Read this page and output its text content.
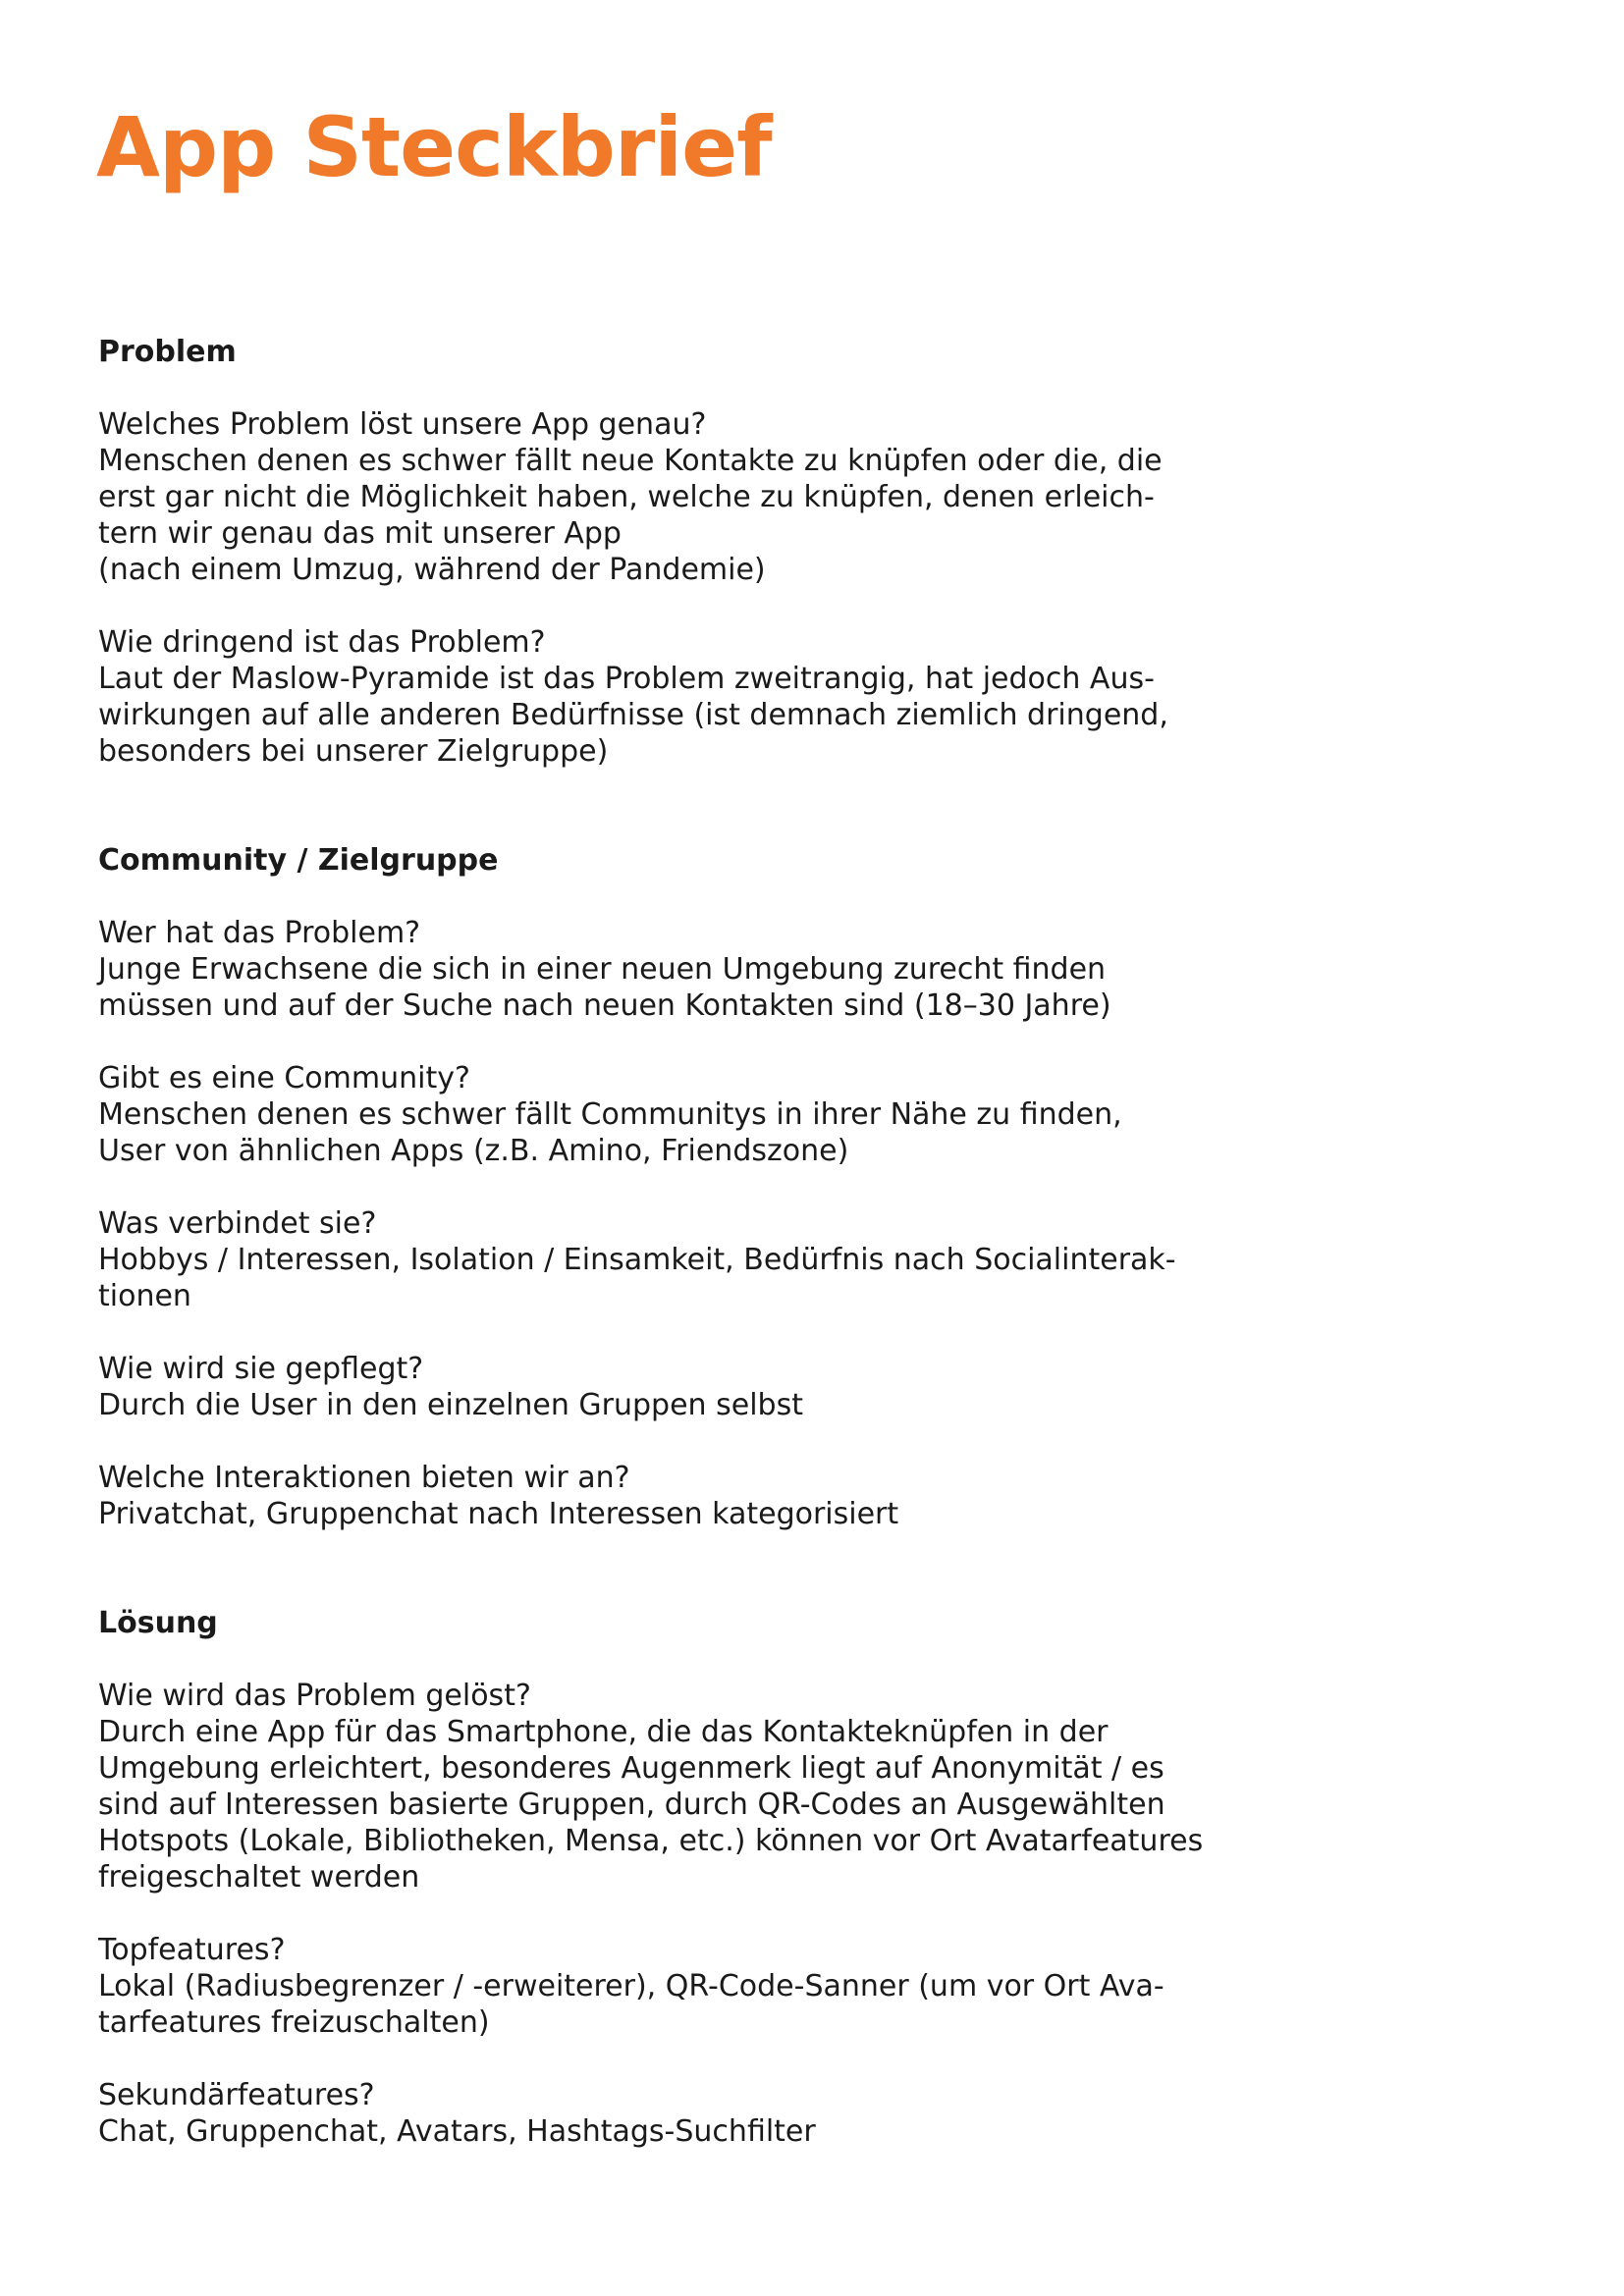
App Steckbrief
Problem
Welches Problem löst unsere App genau?
Menschen denen es schwer fällt neue Kontakte zu knüpfen oder die, die
erst gar nicht die Möglichkeit haben, welche zu knüpfen, denen erleich-
tern wir genau das mit unserer App
(nach einem Umzug, während der Pandemie)
Wie dringend ist das Problem?
Laut der Maslow-Pyramide ist das Problem zweitrangig, hat jedoch Aus-
wirkungen auf alle anderen Bedürfnisse (ist demnach ziemlich dringend,
besonders bei unserer Zielgruppe)
Community / Zielgruppe
Wer hat das Problem?
Junge Erwachsene die sich in einer neuen Umgebung zurecht finden
müssen und auf der Suche nach neuen Kontakten sind (18–30 Jahre)
Gibt es eine Community?
Menschen denen es schwer fällt Communitys in ihrer Nähe zu finden,
User von ähnlichen Apps (z.B. Amino, Friendszone)
Was verbindet sie?
Hobbys / Interessen, Isolation / Einsamkeit, Bedürfnis nach Socialinterak-
tionen
Wie wird sie gepflegt?
Durch die User in den einzelnen Gruppen selbst
Welche Interaktionen bieten wir an?
Privatchat, Gruppenchat nach Interessen kategorisiert
Lösung
Wie wird das Problem gelöst?
Durch eine App für das Smartphone, die das Kontakteknüpfen in der
Umgebung erleichtert, besonderes Augenmerk liegt auf Anonymität / es
sind auf Interessen basierte Gruppen, durch QR-Codes an Ausgewählten
Hotspots (Lokale, Bibliotheken, Mensa, etc.) können vor Ort Avatarfeatures
freigeschaltet werden
Topfeatures?
Lokal (Radiusbegrenzer / -erweiterer), QR-Code-Sanner (um vor Ort Ava-
tarfeatures freizuschalten)
Sekundärfeatures?
Chat, Gruppenchat, Avatars, Hashtags-Suchfilter
